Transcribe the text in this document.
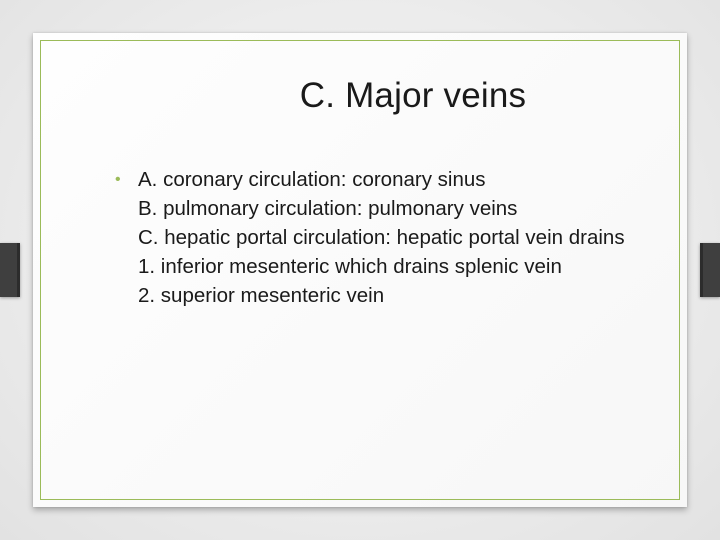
C. Major veins
• A. coronary circulation: coronary sinus
B. pulmonary circulation: pulmonary veins
C. hepatic portal circulation: hepatic portal vein drains
1. inferior mesenteric which drains splenic vein
2. superior mesenteric vein
